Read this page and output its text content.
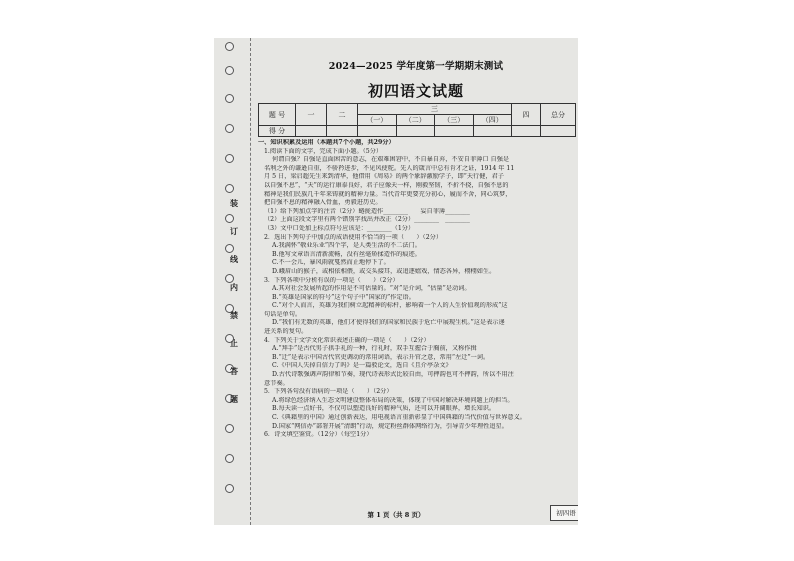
装
订
线
内
禁
止
答
题
2024—2025 学年度第一学期期末测试
初四语文试题
题 号	一	二	三				四	总分
			（一）	（二）	（三）	（四）		
得 分								
一、知识积累及运用（本题共7个小题，共29分）
1.阅读下面的文字，完成下面小题。（5分）
何谓自强？自强是直面困苦的意志，在艰难困窘中，不自暴自弃，不安自菲薄口 自强是
名利之外的谦逊自重，不骄矜进步，不见风使舵。先人的箴言中总有肯才之证，1914 年 11
月 5 日，梁启超先生来到清华，他借用《周易》的两个象辞激励学子，即“天行健，君子
以自强不息”，“天”的运行康泰良好，君子应像天一样，刚毅坚韧，不折不挠，自强不息的
精神是我们民族几千年来铸就的精神力量。当代青年更要充分初心，履而不舍，同心筑梦，
把自强不息的精神融入骨血，勇毅进历史。
（1）给下列加点字的注音（2分）蜷拢造作________　　妄自菲薄________
（2）上面这段文字里有两个错别字找出并改正（2分）________　________
（3）文中口处加上标点符号应该是：________（1分）
2．选出下列句子中加点的成语使用不恰当的一项（　　）（2分）
A.我满怀“敬业乐业”四个字，是人类生活的不二法门。
B.他写文章语言清新流畅，没有丝毫矫揉造作的痕迹。
C.不一会儿，暴风雨就戛然而止地停下了。
D.峨眉山的猴子，或相依相偎，或交头接耳，或追逐嬉戏，情态各异，栩栩如生。
3．下列各项中分析有误的一项是（　　）（2分）
A.其对社会发展所起的作用是不可估量的。“对”是介词，“估量”是动词。
B.“英雄是国家的符号”这个句子中“国家的”作定语。
C.“对个人而言，英雄为我们树立起精神的标杆，影响着一个人的人生价值观的形成”这
句话是单句。
D.“我们有无数的英雄，他们才使得我们的国家和民族于危亡中展现生机。”这是表示递
进关系的复句。
4．下列关于文学文化常识表述正确的一项是（　　）（2分）
A.“拜手”是古代男子拱手礼的一种，行礼时，双手互握合于胸前，又称作揖
B.“迁”是表示中国古代官吏调动的常用词语，表示升官之意，常用“左迁”一词。
C.《中国人失掉自信力了吗》是一篇驳论文，选自《且介亭杂文》
D.古代诗歌强调声韵律和节奏，现代诗表形式比较自由，可押韵也可不押韵，所以不用注
意节奏。
5．下列各句没有语病的一项是（　　）（2分）
A.将绿色经济纳入生态文明建设整体布局的决策，体现了中国对解决环境问题上的担当。
B.每天读一点好书，不仅可以塑造良好的精神气质，还可以开阔眼界，增长知识。
C.《典籍里的中国》通过创新表达，用电视语言重新彰显了中国典籍的当代价值与世界意义。
D.国家“网信办”部署开展“清朗”行动，规定粉丝群体网络行为，引导青少年理性追星。
6．诗文填空鉴赏。（12分）（每空1分）
第 1 页（共 8 页）	初四语
